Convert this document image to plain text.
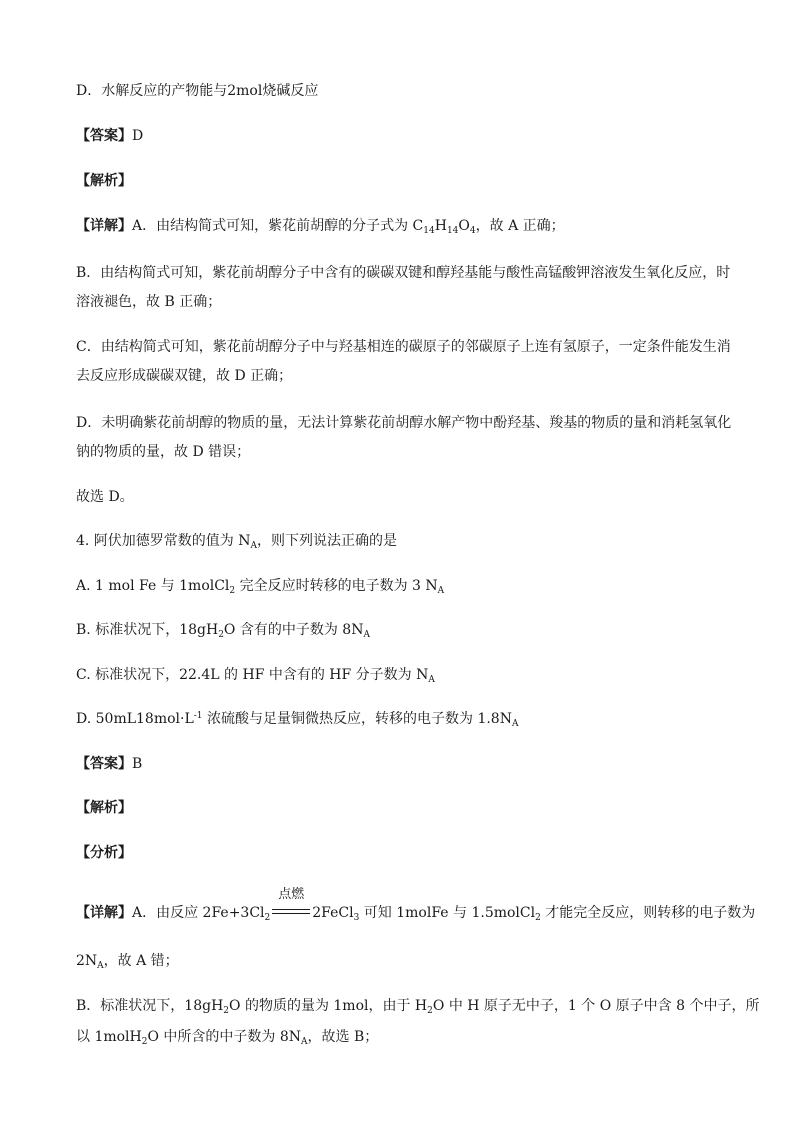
D．水解反应的产物能与2mol烧碱反应
【答案】D
【解析】
【详解】A．由结构简式可知，紫花前胡醇的分子式为 $C_{14}H_{14}O_4$，故 A 正确；
B．由结构简式可知，紫花前胡醇分子中含有的碳碳双键和醇羟基能与酸性高锰酸钾溶液发生氧化反应，时溶液褪色，故 B 正确；
C．由结构简式可知，紫花前胡醇分子中与羟基相连的碳原子的邻碳原子上连有氢原子，一定条件能发生消去反应形成碳碳双键，故 D 正确；
D．未明确紫花前胡醇的物质的量，无法计算紫花前胡醇水解产物中酚羟基、羧基的物质的量和消耗氢氧化钠的物质的量，故 D 错误；
故选 D。
4. 阿伏加德罗常数的值为 $N_A$，则下列说法正确的是
A. 1 mol Fe 与 1molCl$_2$ 完全反应时转移的电子数为 3 $N_A$
B. 标准状况下，$18gH_2O$ 含有的中子数为 $8N_A$
C. 标准状况下，22.4L 的 HF 中含有的 HF 分子数为 $N_A$
D. $50mL18mol\cdot L^{-1}$ 浓硫酸与足量铜微热反应，转移的电子数为 $1.8N_A$
【答案】B
【解析】
【分析】
【详解】A．由反应 $2Fe+3Cl_2$
点燃
2FeCl$_3$ 可知 1molFe 与 1.5molCl$_2$ 才能完全反应，则转移的电子数为
$2N_A$，故 A 错；
B．标准状况下，$18gH_2O$ 的物质的量为 1mol，由于 $H_2O$ 中 H 原子无中子，1 个 O 原子中含 8 个中子，所
以 1molH$_2$O 中所含的中子数为 $8N_A$，故选 B；
